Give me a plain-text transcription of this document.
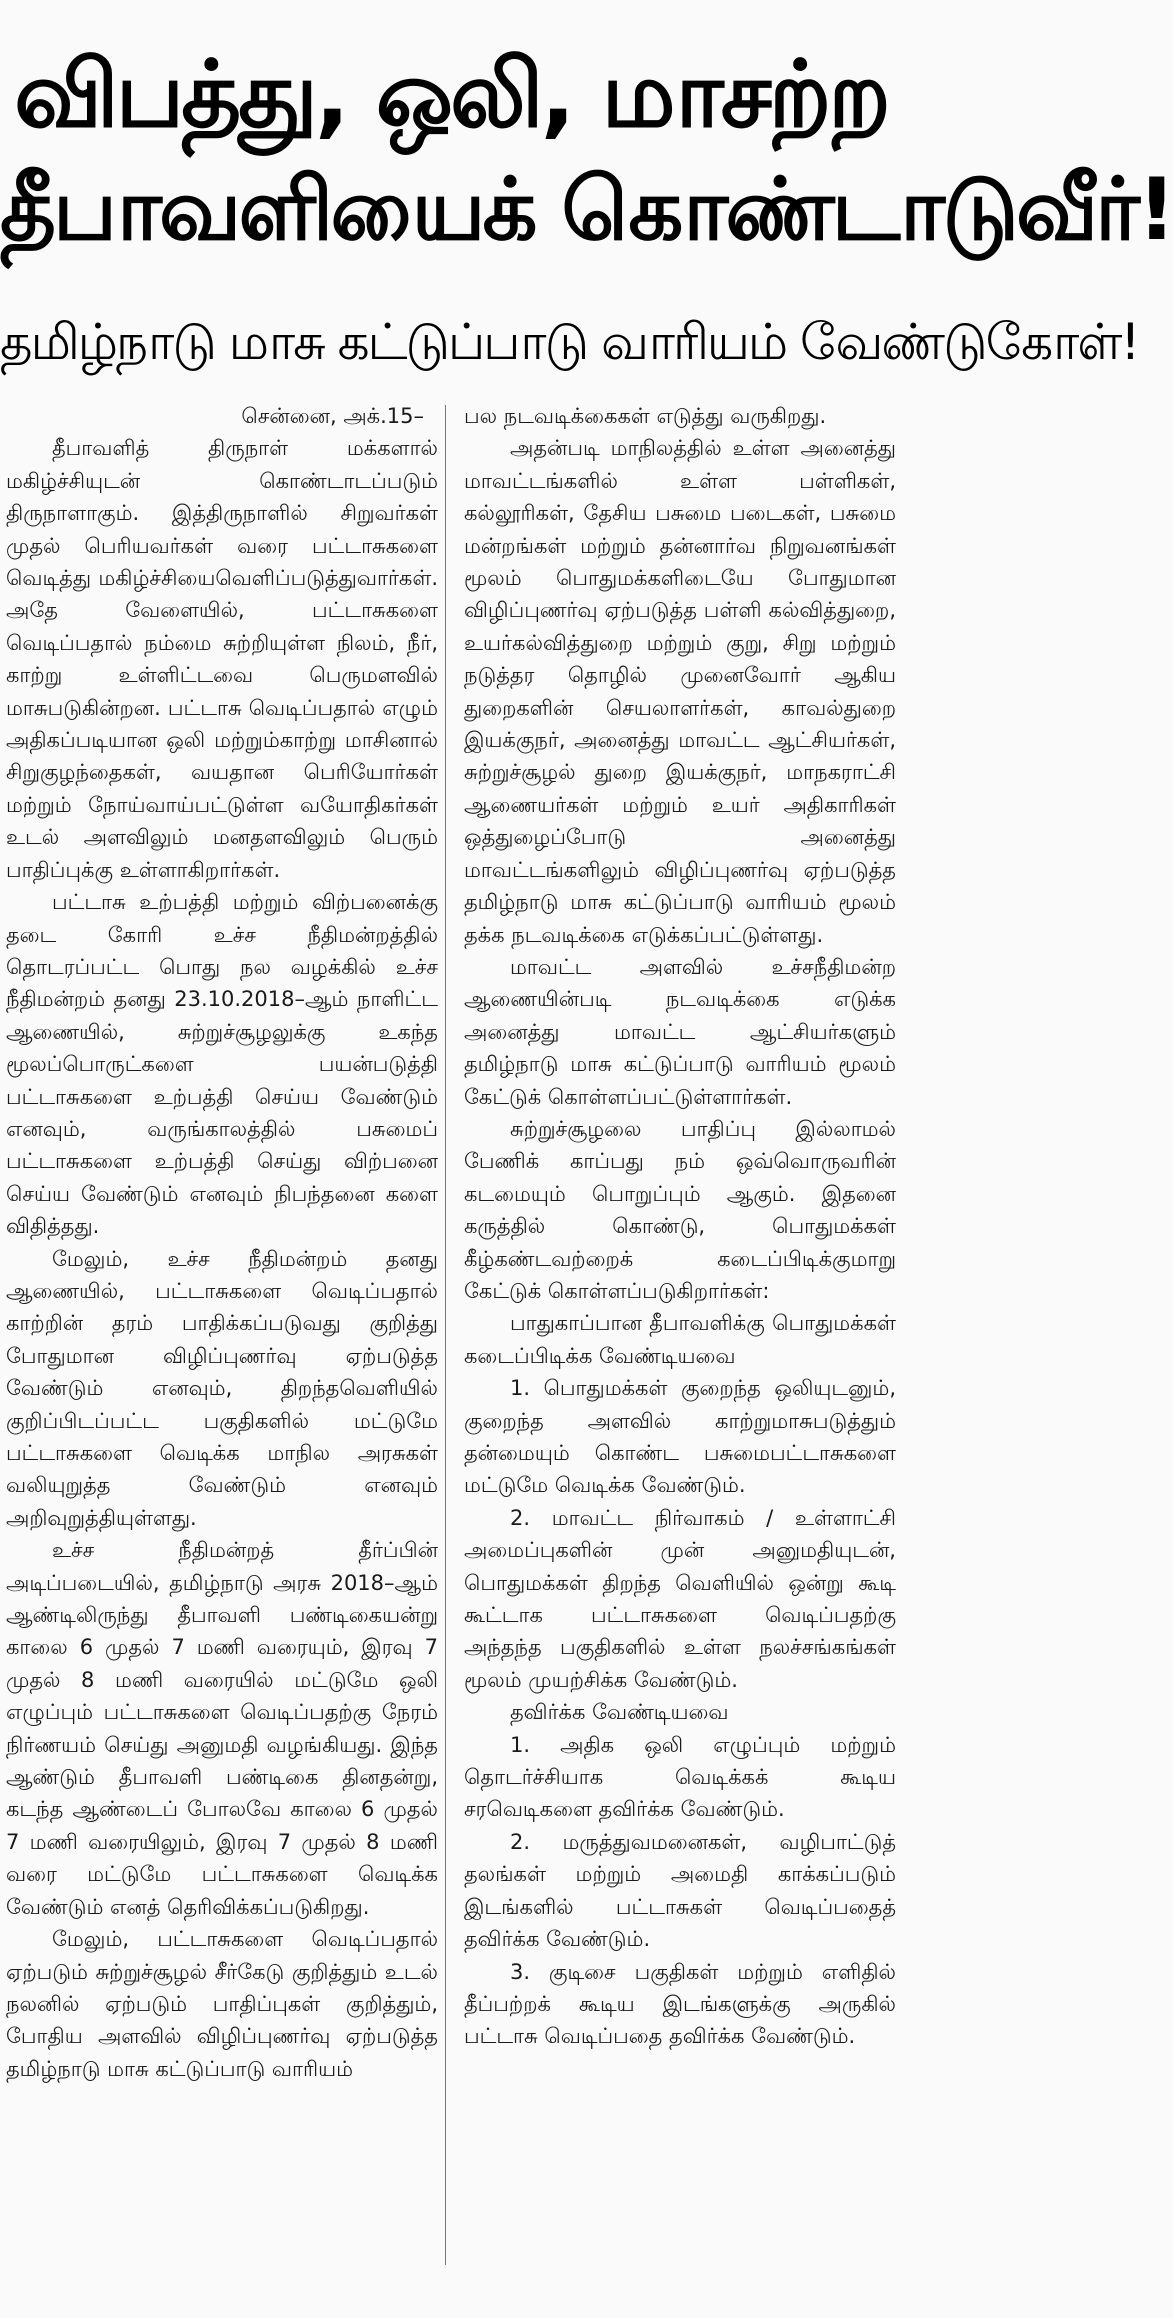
விபத்து, ஒலி, மாசற்ற
தீபாவளியைக் கொண்டாடுவீர்!
தமிழ்நாடு மாசு கட்டுப்பாடு வாரியம் வேண்டுகோள்!

சென்னை, அக்.15–

தீபாவளித் திருநாள் மக்களால் மகிழ்ச்சியுடன் கொண்டாடப்படும் திருநாளாகும். இத்திருநாளில் சிறுவர்கள் முதல் பெரியவர்கள் வரை பட்டாசுகளை வெடித்து மகிழ்ச்சியைவெளிப்படுத்துவார்கள். அதே வேளையில், பட்டாசுகளை வெடிப்பதால் நம்மை சுற்றியுள்ள நிலம், நீர், காற்று உள்ளிட்டவை பெருமளவில் மாசுபடுகின்றன. பட்டாசு வெடிப்பதால் எழும் அதிகப்படியான ஒலி மற்றும்காற்று மாசினால் சிறுகுழந்தைகள், வயதான பெரியோர்கள் மற்றும் நோய்வாய்பட்டுள்ள வயோதிகர்கள் உடல் அளவிலும் மனதளவிலும் பெரும் பாதிப்புக்கு உள்ளாகிறார்கள்.

பட்டாசு உற்பத்தி மற்றும் விற்பனைக்கு தடை கோரி உச்ச நீதிமன்றத்தில் தொடரப்பட்ட பொது நல வழக்கில் உச்ச நீதிமன்றம் தனது 23.10.2018–ஆம் நாளிட்ட ஆணையில், சுற்றுச்சூழலுக்கு உகந்த மூலப்பொருட்களை பயன்படுத்தி பட்டாசுகளை உற்பத்தி செய்ய வேண்டும் எனவும், வருங்காலத்தில் பசுமைப் பட்டாசுகளை உற்பத்தி செய்து விற்பனை செய்ய வேண்டும் எனவும் நிபந்தனை களை விதித்தது.

மேலும், உச்ச நீதிமன்றம் தனது ஆணையில், பட்டாசுகளை வெடிப்பதால் காற்றின் தரம் பாதிக்கப்படுவது குறித்து போதுமான விழிப்புணர்வு ஏற்படுத்த வேண்டும் எனவும், திறந்தவெளியில் குறிப்பிடப்பட்ட பகுதிகளில் மட்டுமே பட்டாசுகளை வெடிக்க மாநில அரசுகள் வலியுறுத்த வேண்டும் எனவும் அறிவுறுத்தியுள்ளது.

உச்ச நீதிமன்றத் தீர்ப்பின் அடிப்படையில், தமிழ்நாடு அரசு 2018–ஆம் ஆண்டிலிருந்து தீபாவளி பண்டிகையன்று காலை 6 முதல் 7 மணி வரையும், இரவு 7 முதல் 8 மணி வரையில் மட்டுமே ஒலி எழுப்பும் பட்டாசுகளை வெடிப்பதற்கு நேரம் நிர்ணயம் செய்து அனுமதி வழங்கியது. இந்த ஆண்டும் தீபாவளி பண்டிகை தினதன்று, கடந்த ஆண்டைப் போலவே காலை 6 முதல் 7 மணி வரையிலும், இரவு 7 முதல் 8 மணி வரை மட்டுமே பட்டாசுகளை வெடிக்க வேண்டும் எனத் தெரிவிக்கப்படுகிறது.

மேலும், பட்டாசுகளை வெடிப்பதால் ஏற்படும் சுற்றுச்சூழல் சீர்கேடு குறித்தும் உடல் நலனில் ஏற்படும் பாதிப்புகள் குறித்தும், போதிய அளவில் விழிப்புணர்வு ஏற்படுத்த தமிழ்நாடு மாசு கட்டுப்பாடு வாரியம்

பல நடவடிக்கைகள் எடுத்து வருகிறது.

அதன்படி மாநிலத்தில் உள்ள அனைத்து மாவட்டங்களில் உள்ள பள்ளிகள், கல்லூரிகள், தேசிய பசுமை படைகள், பசுமை மன்றங்கள் மற்றும் தன்னார்வ நிறுவனங்கள் மூலம் பொதுமக்களிடையே போதுமான விழிப்புணர்வு ஏற்படுத்த பள்ளி கல்வித்துறை, உயர்கல்வித்துறை மற்றும் குறு, சிறு மற்றும் நடுத்தர தொழில் முனைவோர் ஆகிய துறைகளின் செயலாளர்கள், காவல்துறை இயக்குநர், அனைத்து மாவட்ட ஆட்சியர்கள், சுற்றுச்சூழல் துறை இயக்குநர், மாநகராட்சி ஆணையர்கள் மற்றும் உயர் அதிகாரிகள் ஒத்துழைப்போடு அனைத்து மாவட்டங்களிலும் விழிப்புணர்வு ஏற்படுத்த தமிழ்நாடு மாசு கட்டுப்பாடு வாரியம் மூலம் தக்க நடவடிக்கை எடுக்கப்பட்டுள்ளது.

மாவட்ட அளவில் உச்சநீதிமன்ற ஆணையின்படி நடவடிக்கை எடுக்க அனைத்து மாவட்ட ஆட்சியர்களும் தமிழ்நாடு மாசு கட்டுப்பாடு வாரியம் மூலம் கேட்டுக் கொள்ளப்பட்டுள்ளார்கள்.

சுற்றுச்சூழலை பாதிப்பு இல்லாமல் பேணிக் காப்பது நம் ஒவ்வொருவரின் கடமையும் பொறுப்பும் ஆகும். இதனை கருத்தில் கொண்டு, பொதுமக்கள் கீழ்கண்டவற்றைக் கடைப்பிடிக்குமாறு கேட்டுக் கொள்ளப்படுகிறார்கள்:

பாதுகாப்பான தீபாவளிக்கு பொதுமக்கள் கடைப்பிடிக்க வேண்டியவை

1. பொதுமக்கள் குறைந்த ஒலியுடனும், குறைந்த அளவில் காற்றுமாசுபடுத்தும் தன்மையும் கொண்ட பசுமைபட்டாசுகளை மட்டுமே வெடிக்க வேண்டும்.

2. மாவட்ட நிர்வாகம் / உள்ளாட்சி அமைப்புகளின் முன் அனுமதியுடன், பொதுமக்கள் திறந்த வெளியில் ஒன்று கூடி கூட்டாக பட்டாசுகளை வெடிப்பதற்கு அந்தந்த பகுதிகளில் உள்ள நலச்சங்கங்கள் மூலம் முயற்சிக்க வேண்டும்.

தவிர்க்க வேண்டியவை

1. அதிக ஒலி எழுப்பும் மற்றும் தொடர்ச்சியாக வெடிக்கக் கூடிய சரவெடிகளை தவிர்க்க வேண்டும்.

2. மருத்துவமனைகள், வழிபாட்டுத் தலங்கள் மற்றும் அமைதி காக்கப்படும் இடங்களில் பட்டாசுகள் வெடிப்பதைத் தவிர்க்க வேண்டும்.

3. குடிசை பகுதிகள் மற்றும் எளிதில் தீப்பற்றக் கூடிய இடங்களுக்கு அருகில் பட்டாசு வெடிப்பதை தவிர்க்க வேண்டும்.
